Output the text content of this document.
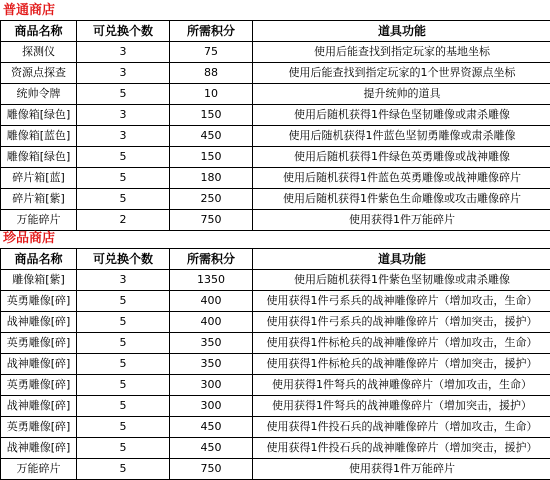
普通商店
商品名称	可兑换个数	所需积分	道具功能
探测仪	3	75	使用后能查找到指定玩家的基地坐标
资源点探查	3	88	使用后能查找到指定玩家的1个世界资源点坐标
统帅令牌	5	10	提升统帅的道具
雕像箱[绿色]	3	150	使用后随机获得1件绿色坚韧雕像或肃杀雕像
雕像箱[蓝色]	3	450	使用后随机获得1件蓝色坚韧勇雕像或肃杀雕像
雕像箱[绿色]	5	150	使用后随机获得1件绿色英勇雕像或战神雕像
碎片箱[蓝]	5	180	使用后随机获得1件蓝色英勇雕像或战神雕像碎片
碎片箱[紫]	5	250	使用后随机获得1件紫色生命雕像或攻击雕像碎片
万能碎片	2	750	使用获得1件万能碎片
珍品商店
商品名称	可兑换个数	所需积分	道具功能
雕像箱[紫]	3	1350	使用后随机获得1件紫色坚韧雕像或肃杀雕像
英勇雕像[碎]	5	400	使用获得1件弓系兵的战神雕像碎片（增加攻击，生命）
战神雕像[碎]	5	400	使用获得1件弓系兵的战神雕像碎片（增加突击，援护）
英勇雕像[碎]	5	350	使用获得1件标枪兵的战神雕像碎片（增加攻击，生命）
战神雕像[碎]	5	350	使用获得1件标枪兵的战神雕像碎片（增加突击，援护）
英勇雕像[碎]	5	300	使用获得1件弩兵的战神雕像碎片（增加攻击，生命）
战神雕像[碎]	5	300	使用获得1件弩兵的战神雕像碎片（增加突击，援护）
英勇雕像[碎]	5	450	使用获得1件投石兵的战神雕像碎片（增加攻击，生命）
战神雕像[碎]	5	450	使用获得1件投石兵的战神雕像碎片（增加突击，援护）
万能碎片	5	750	使用获得1件万能碎片
